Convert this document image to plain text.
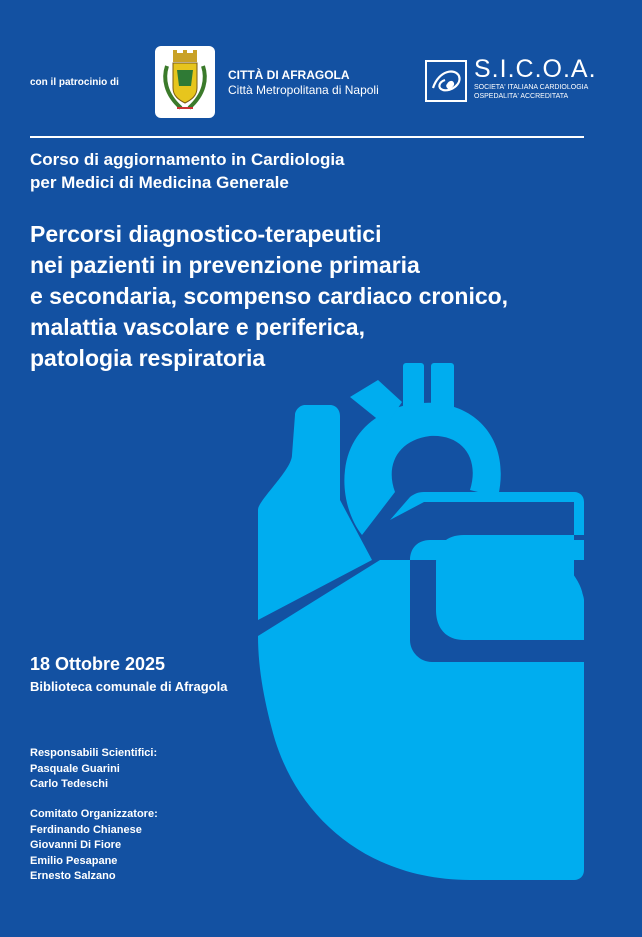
con il patrocinio di
CITTÀ DI AFRAGOLA
Città Metropolitana di Napoli
S.I.C.O.A.
SOCIETA' ITALIANA CARDIOLOGIA
OSPEDALITA' ACCREDITATA
Corso di aggiornamento in Cardiologia
per Medici di Medicina Generale
Percorsi diagnostico-terapeutici
nei pazienti in prevenzione primaria
e secondaria, scompenso cardiaco cronico,
malattia vascolare e periferica,
patologia respiratoria
18 Ottobre 2025
Biblioteca comunale di Afragola
Responsabili Scientifici:
Pasquale Guarini
Carlo Tedeschi
Comitato Organizzatore:
Ferdinando Chianese
Giovanni Di Fiore
Emilio Pesapane
Ernesto Salzano
